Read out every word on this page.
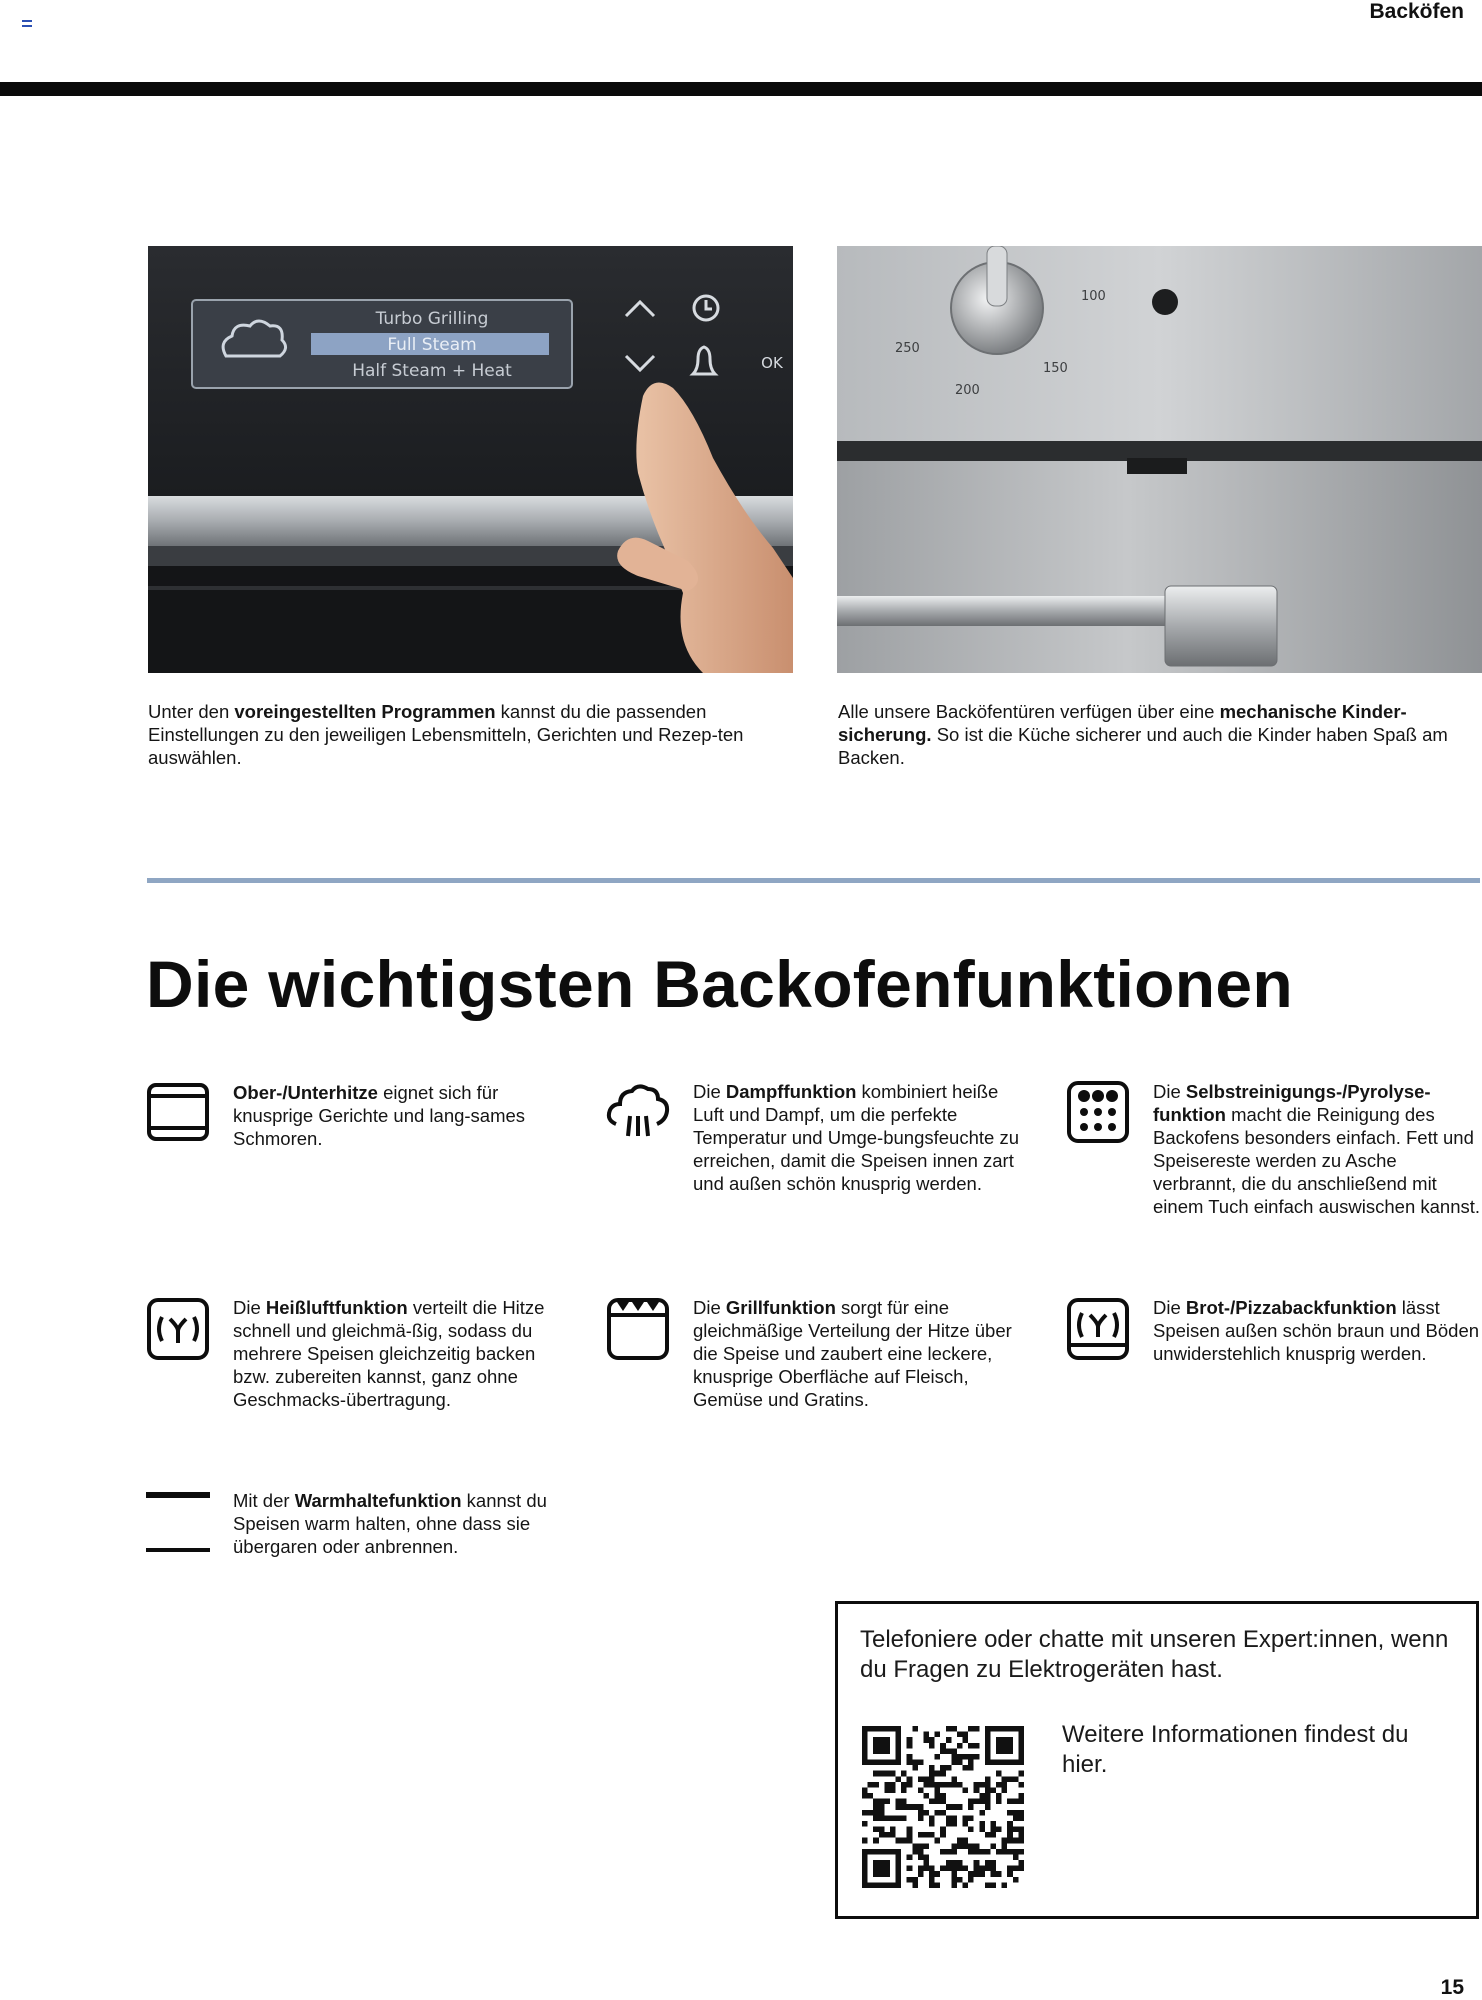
Backöfen
Turbo Grilling
Full Steam
Half Steam + Heat	OK
100
150
200
250
Unter den voreingestellten Programmen kannst du die passenden Einstellungen zu den jeweiligen Lebensmitteln, Gerichten und Rezep-ten auswählen.
Alle unsere Backöfentüren verfügen über eine mechanische Kinder-sicherung. So ist die Küche sicherer und auch die Kinder haben Spaß am Backen.
Die wichtigsten Backofenfunktionen
Ober-/Unterhitze eignet sich für knusprige Gerichte und lang-sames Schmoren.
Die Dampffunktion kombiniert heiße Luft und Dampf, um die perfekte Temperatur und Umge-bungsfeuchte zu erreichen, damit die Speisen innen zart und außen schön knusprig werden.
Die Selbstreinigungs-/Pyrolyse-funktion macht die Reinigung des Backofens besonders einfach. Fett und Speisereste werden zu Asche verbrannt, die du anschließend mit einem Tuch einfach auswischen kannst.
Die Heißluftfunktion verteilt die Hitze schnell und gleichmä-ßig, sodass du mehrere Speisen gleichzeitig backen bzw. zubereiten kannst, ganz ohne Geschmacks-übertragung.
Die Grillfunktion sorgt für eine gleichmäßige Verteilung der Hitze über die Speise und zaubert eine leckere, knusprige Oberfläche auf Fleisch, Gemüse und Gratins.
Die Brot-/Pizzabackfunktion lässt Speisen außen schön braun und Böden unwiderstehlich knusprig werden.
Mit der Warmhaltefunktion kannst du Speisen warm halten, ohne dass sie übergaren oder anbrennen.
Telefoniere oder chatte mit unseren Expert:innen, wenn du Fragen zu Elektrogeräten hast.
Weitere Informationen findest du hier.
15
